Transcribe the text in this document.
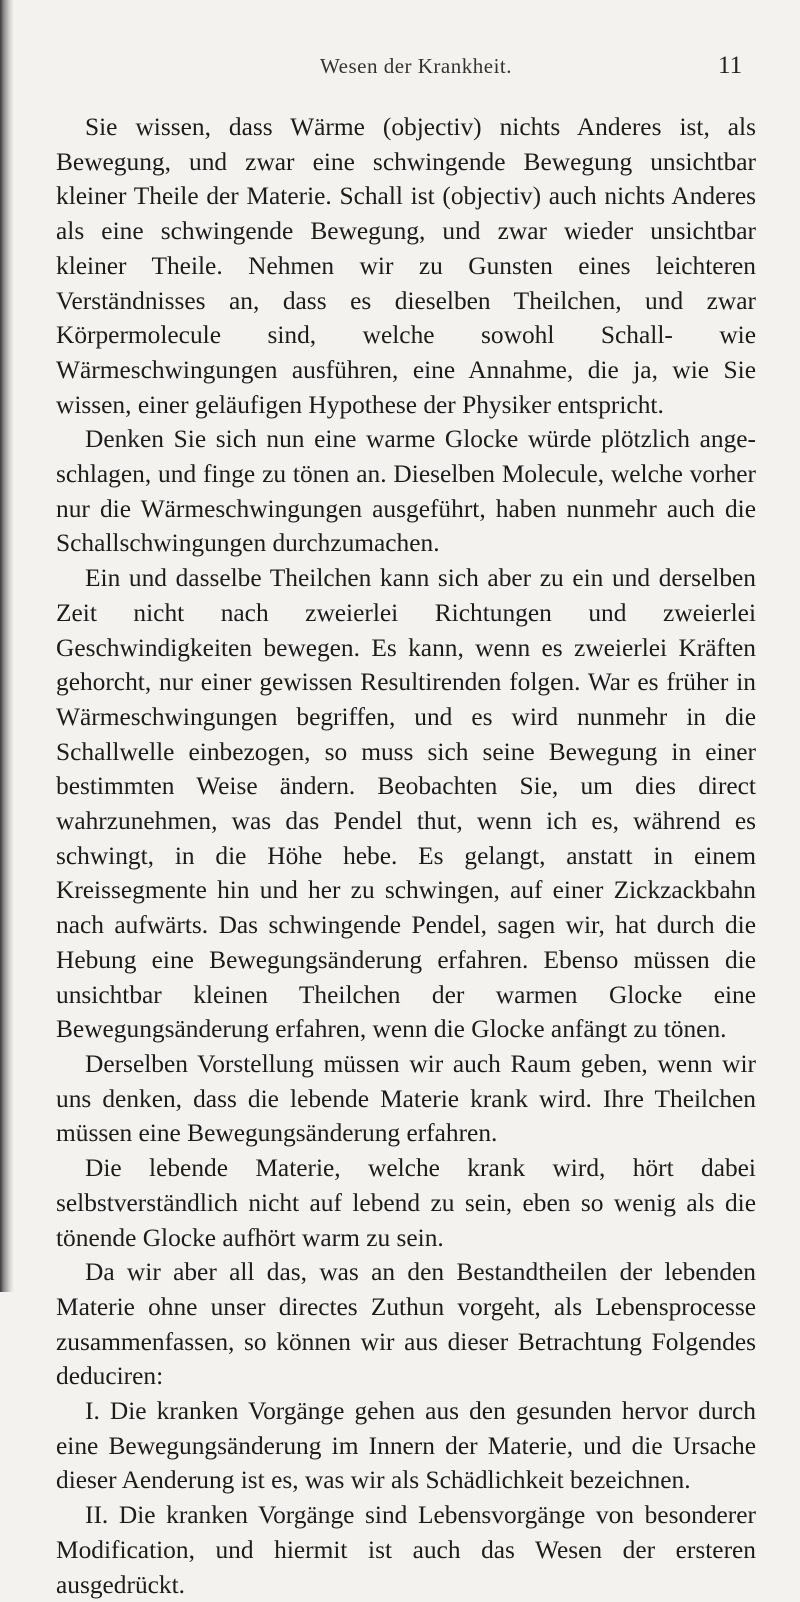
Wesen der Krankheit.	11

Sie wissen, dass Wärme (objectiv) nichts Anderes ist, als Bewegung, und zwar eine schwingende Bewegung unsichtbar kleiner Theile der Materie. Schall ist (objectiv) auch nichts Anderes als eine schwingende Bewegung, und zwar wieder unsichtbar kleiner Theile. Nehmen wir zu Gunsten eines leichteren Verständnisses an, dass es dieselben Theilchen, und zwar Körpermolecule sind, welche sowohl Schall- wie Wärmeschwingungen ausführen, eine Annahme, die ja, wie Sie wissen, einer geläufigen Hypothese der Physiker entspricht.

Denken Sie sich nun eine warme Glocke würde plötzlich angeschlagen, und finge zu tönen an. Dieselben Molecule, welche vorher nur die Wärmeschwingungen ausgeführt, haben nunmehr auch die Schallschwingungen durchzumachen.

Ein und dasselbe Theilchen kann sich aber zu ein und derselben Zeit nicht nach zweierlei Richtungen und zweierlei Geschwindigkeiten bewegen. Es kann, wenn es zweierlei Kräften gehorcht, nur einer gewissen Resultirenden folgen. War es früher in Wärmeschwingungen begriffen, und es wird nunmehr in die Schallwelle einbezogen, so muss sich seine Bewegung in einer bestimmten Weise ändern. Beobachten Sie, um dies direct wahrzunehmen, was das Pendel thut, wenn ich es, während es schwingt, in die Höhe hebe. Es gelangt, anstatt in einem Kreissegmente hin und her zu schwingen, auf einer Zickzackbahn nach aufwärts. Das schwingende Pendel, sagen wir, hat durch die Hebung eine Bewegungsänderung erfahren. Ebenso müssen die unsichtbar kleinen Theilchen der warmen Glocke eine Bewegungsänderung erfahren, wenn die Glocke anfängt zu tönen.

Derselben Vorstellung müssen wir auch Raum geben, wenn wir uns denken, dass die lebende Materie krank wird. Ihre Theilchen müssen eine Bewegungsänderung erfahren.

Die lebende Materie, welche krank wird, hört dabei selbstverständlich nicht auf lebend zu sein, eben so wenig als die tönende Glocke aufhört warm zu sein.

Da wir aber all das, was an den Bestandtheilen der lebenden Materie ohne unser directes Zuthun vorgeht, als Lebensprocesse zusammenfassen, so können wir aus dieser Betrachtung Folgendes deduciren:

I. Die kranken Vorgänge gehen aus den gesunden hervor durch eine Bewegungsänderung im Innern der Materie, und die Ursache dieser Aenderung ist es, was wir als Schädlichkeit bezeichnen.

II. Die kranken Vorgänge sind Lebensvorgänge von besonderer Modification, und hiermit ist auch das Wesen der ersteren ausgedrückt.
